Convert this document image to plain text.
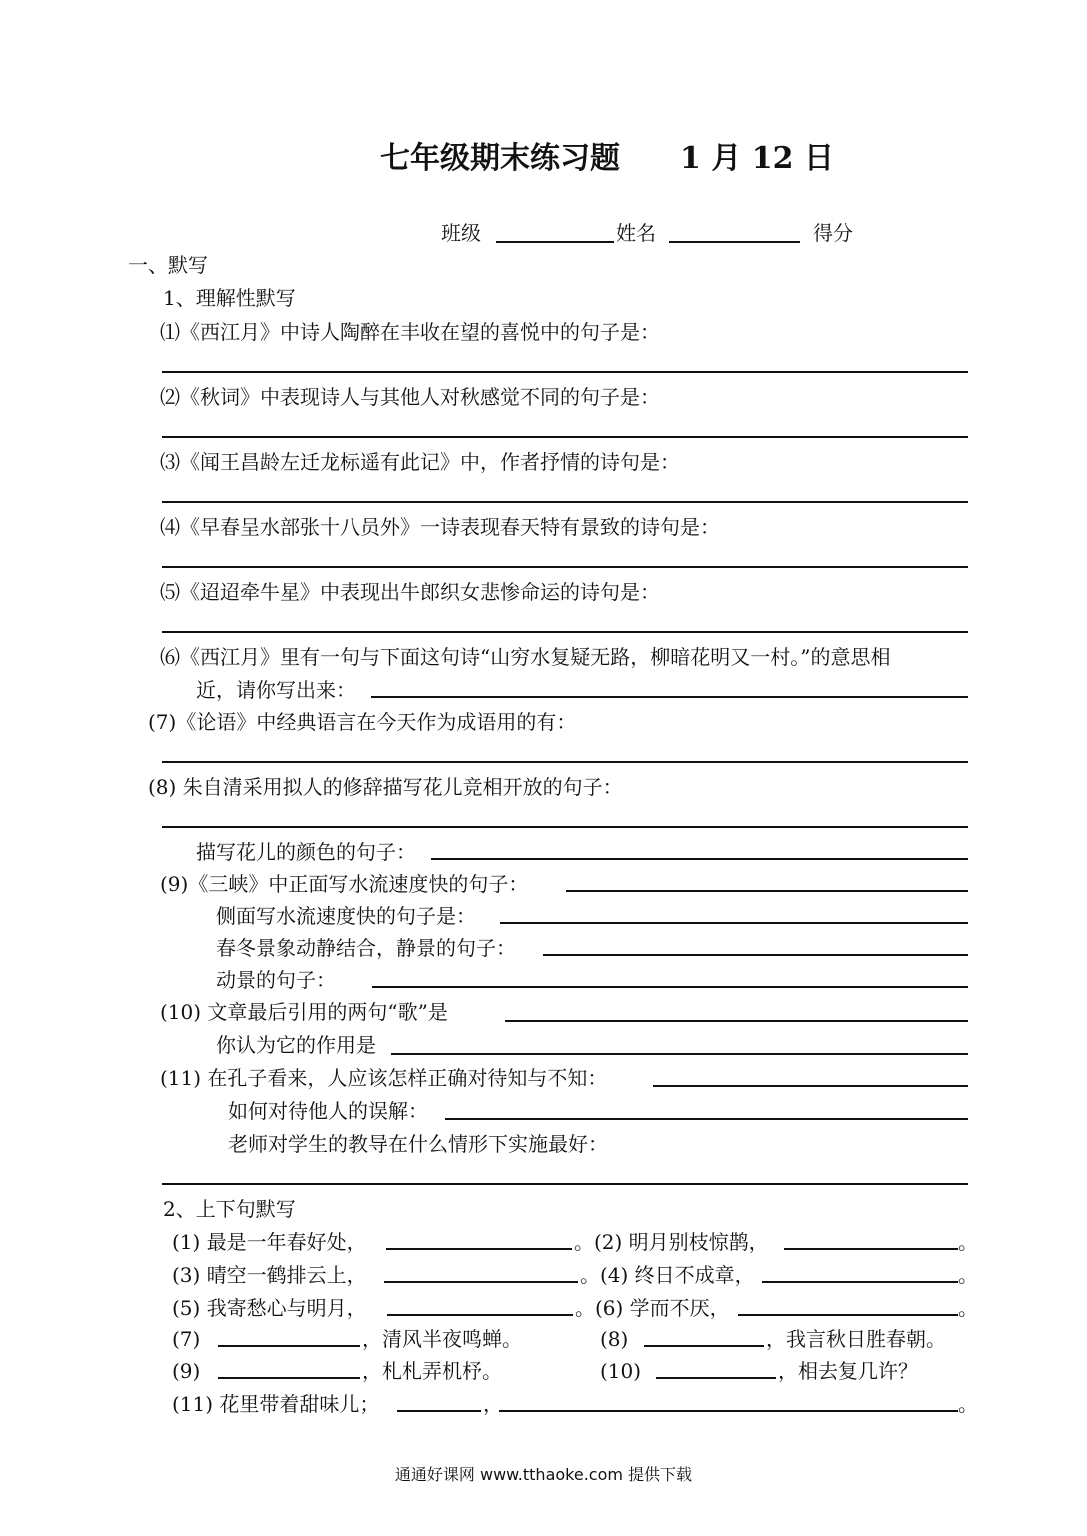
七年级期末练习题 1 月 12 日
班级	姓名	得分
一、默写
1、理解性默写
⑴《西江月》中诗人陶醉在丰收在望的喜悦中的句子是：
⑵《秋词》中表现诗人与其他人对秋感觉不同的句子是：
⑶《闻王昌龄左迁龙标遥有此记》中，作者抒情的诗句是：
⑷《早春呈水部张十八员外》一诗表现春天特有景致的诗句是：
⑸《迢迢牵牛星》中表现出牛郎织女悲惨命运的诗句是：
⑹《西江月》里有一句与下面这句诗“山穷水复疑无路，柳暗花明又一村。”的意思相
近，请你写出来：
(7)《论语》中经典语言在今天作为成语用的有：
(8) 朱自清采用拟人的修辞描写花儿竞相开放的句子：
描写花儿的颜色的句子：
(9)《三峡》中正面写水流速度快的句子：
侧面写水流速度快的句子是：
春冬景象动静结合，静景的句子：
动景的句子：
(10) 文章最后引用的两句“歌”是
你认为它的作用是
(11) 在孔子看来，人应该怎样正确对待知与不知：
如何对待他人的误解：
老师对学生的教导在什么情形下实施最好：
2、上下句默写
(1) 最是一年春好处，	。(2) 明月别枝惊鹊，	。
(3) 晴空一鹤排云上，	。(4) 终日不成章，	。
(5) 我寄愁心与明月，	。(6) 学而不厌，	。
(7)	，清风半夜鸣蝉。	(8)	，我言秋日胜春朝。
(9)	，札札弄机杼。	(10)	，相去复几许？
(11) 花里带着甜味儿；	，	。
通通好课网 www.tthaoke.com 提供下载
